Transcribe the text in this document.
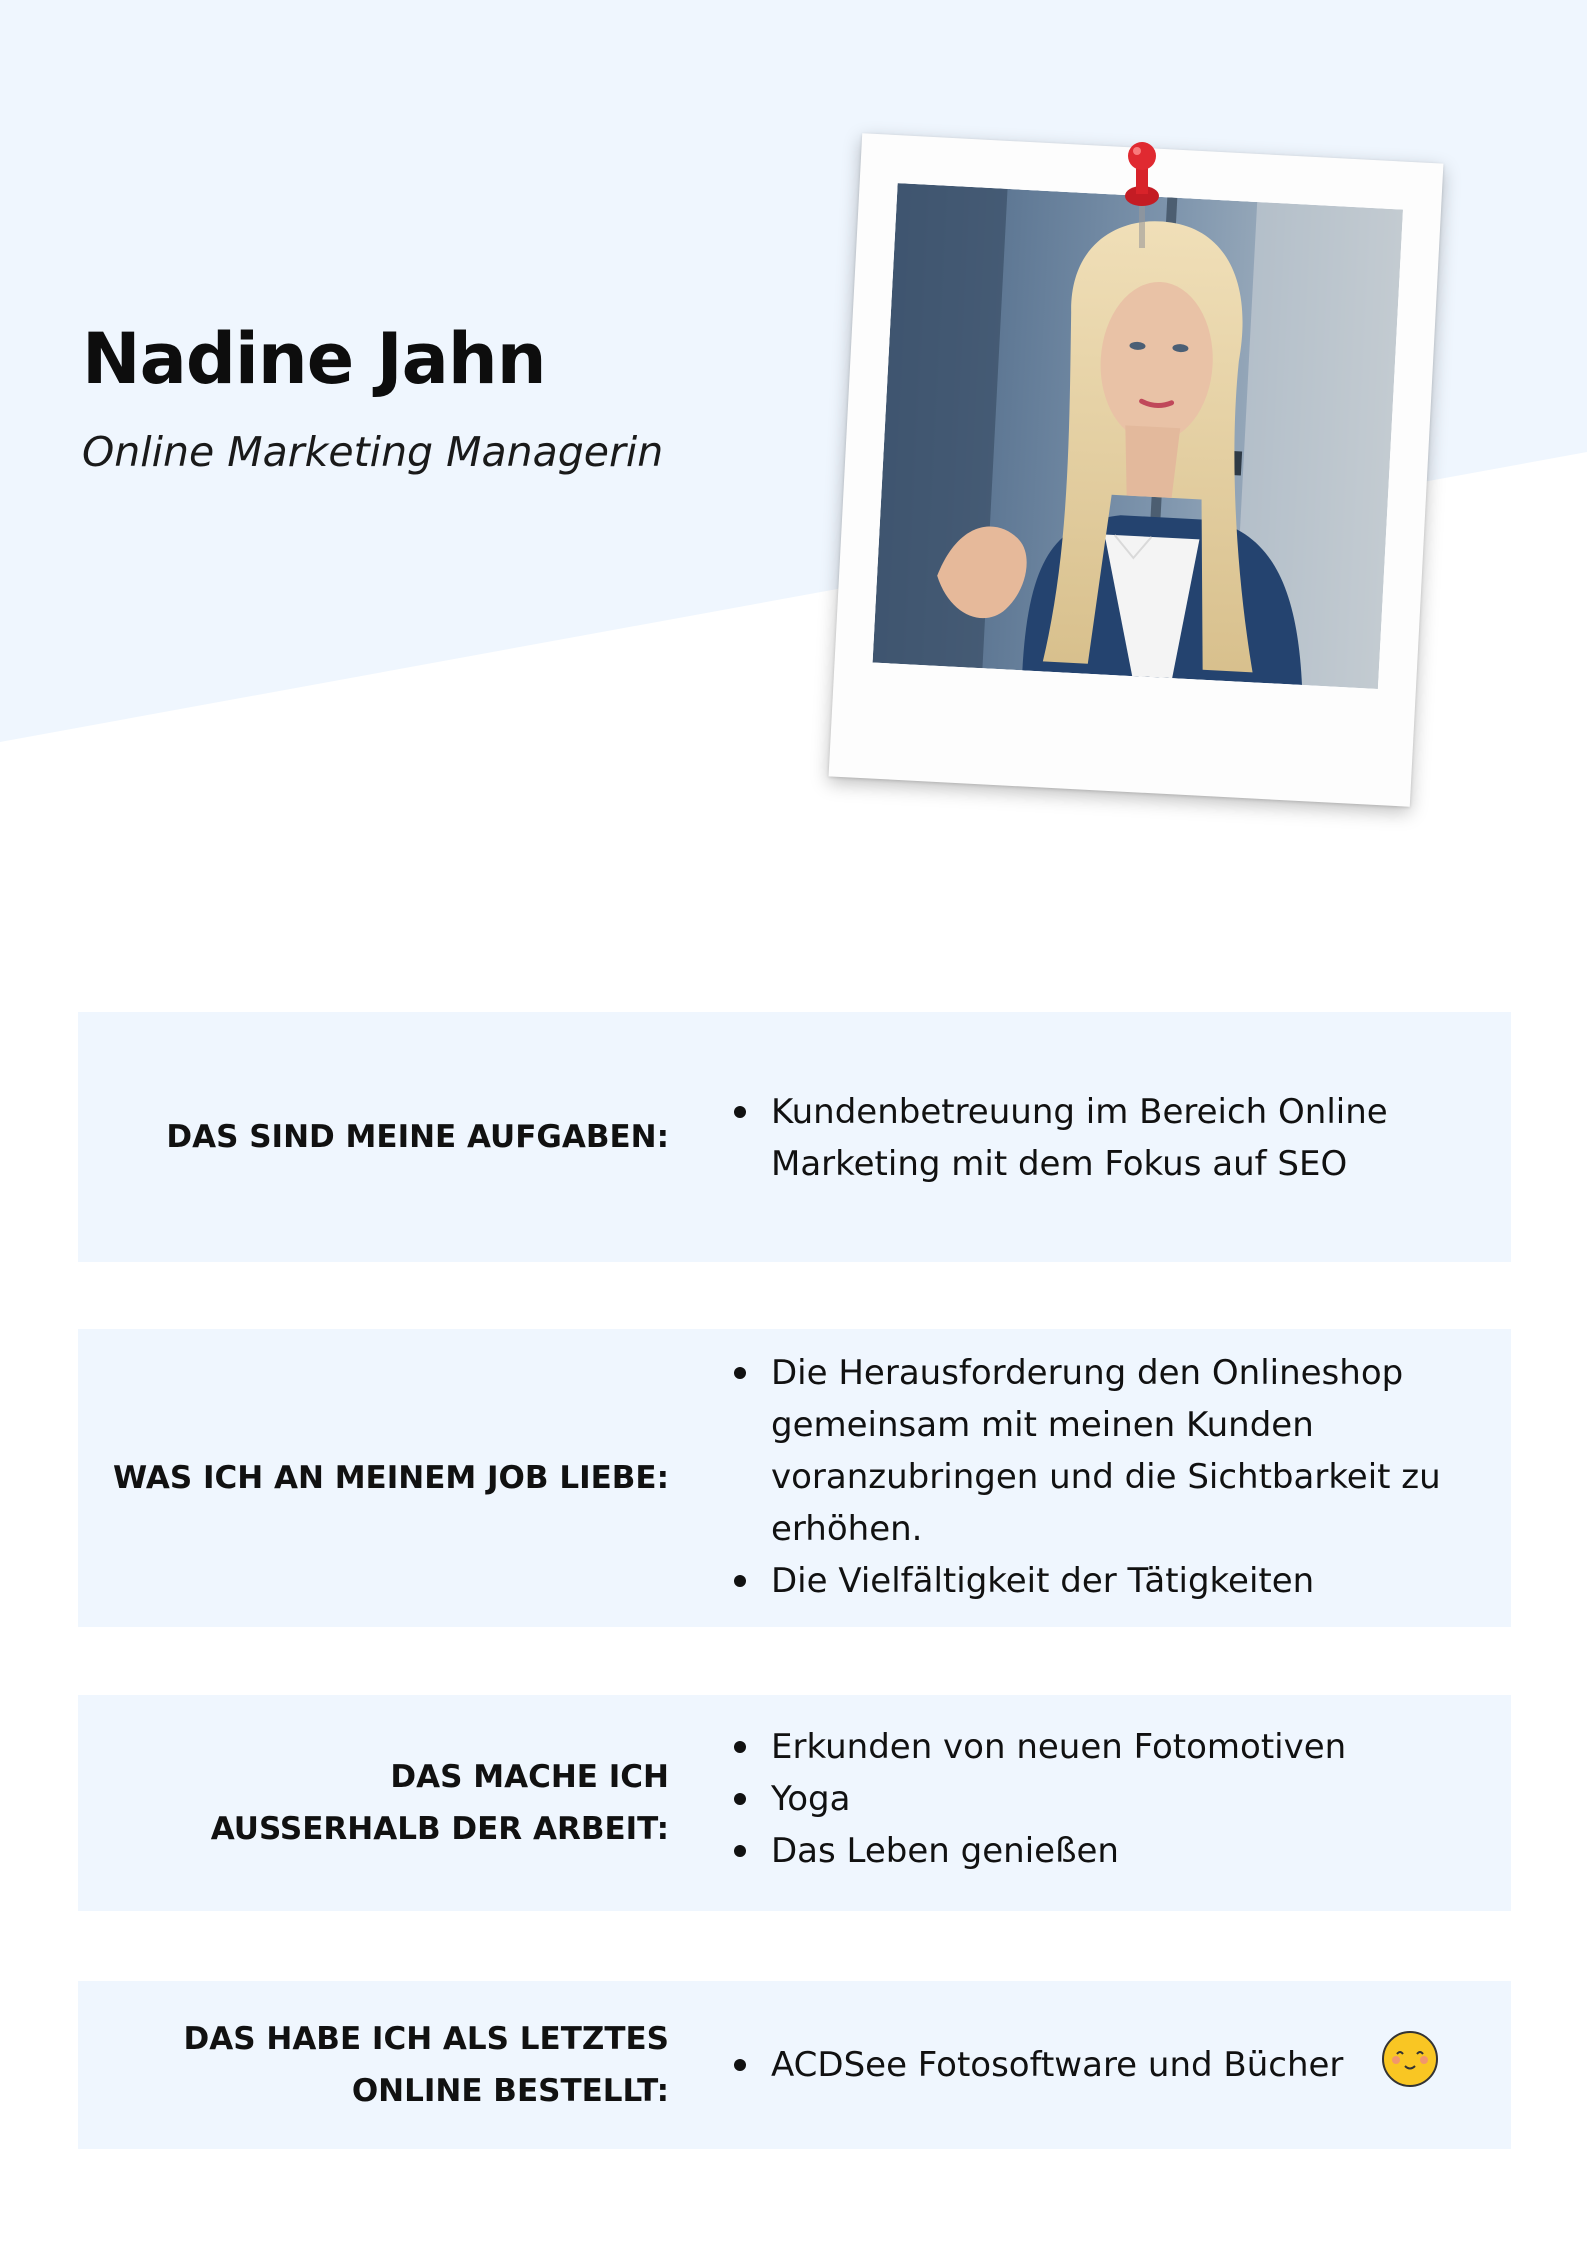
Nadine Jahn

Online Marketing Managerin

DAS SIND MEINE AUFGABEN:
Kundenbetreuung im Bereich Online Marketing mit dem Fokus auf SEO
WAS ICH AN MEINEM JOB LIEBE:
Die Herausforderung den Onlineshop gemeinsam mit meinen Kunden voranzubringen und die Sichtbarkeit zu erhöhen.
Die Vielfältigkeit der Tätigkeiten
DAS MACHE ICH
AUSSERHALB DER ARBEIT:
Erkunden von neuen Fotomotiven
Yoga
Das Leben genießen
DAS HABE ICH ALS LETZTES
ONLINE BESTELLT:
ACDSee Fotosoftware und Bücher
